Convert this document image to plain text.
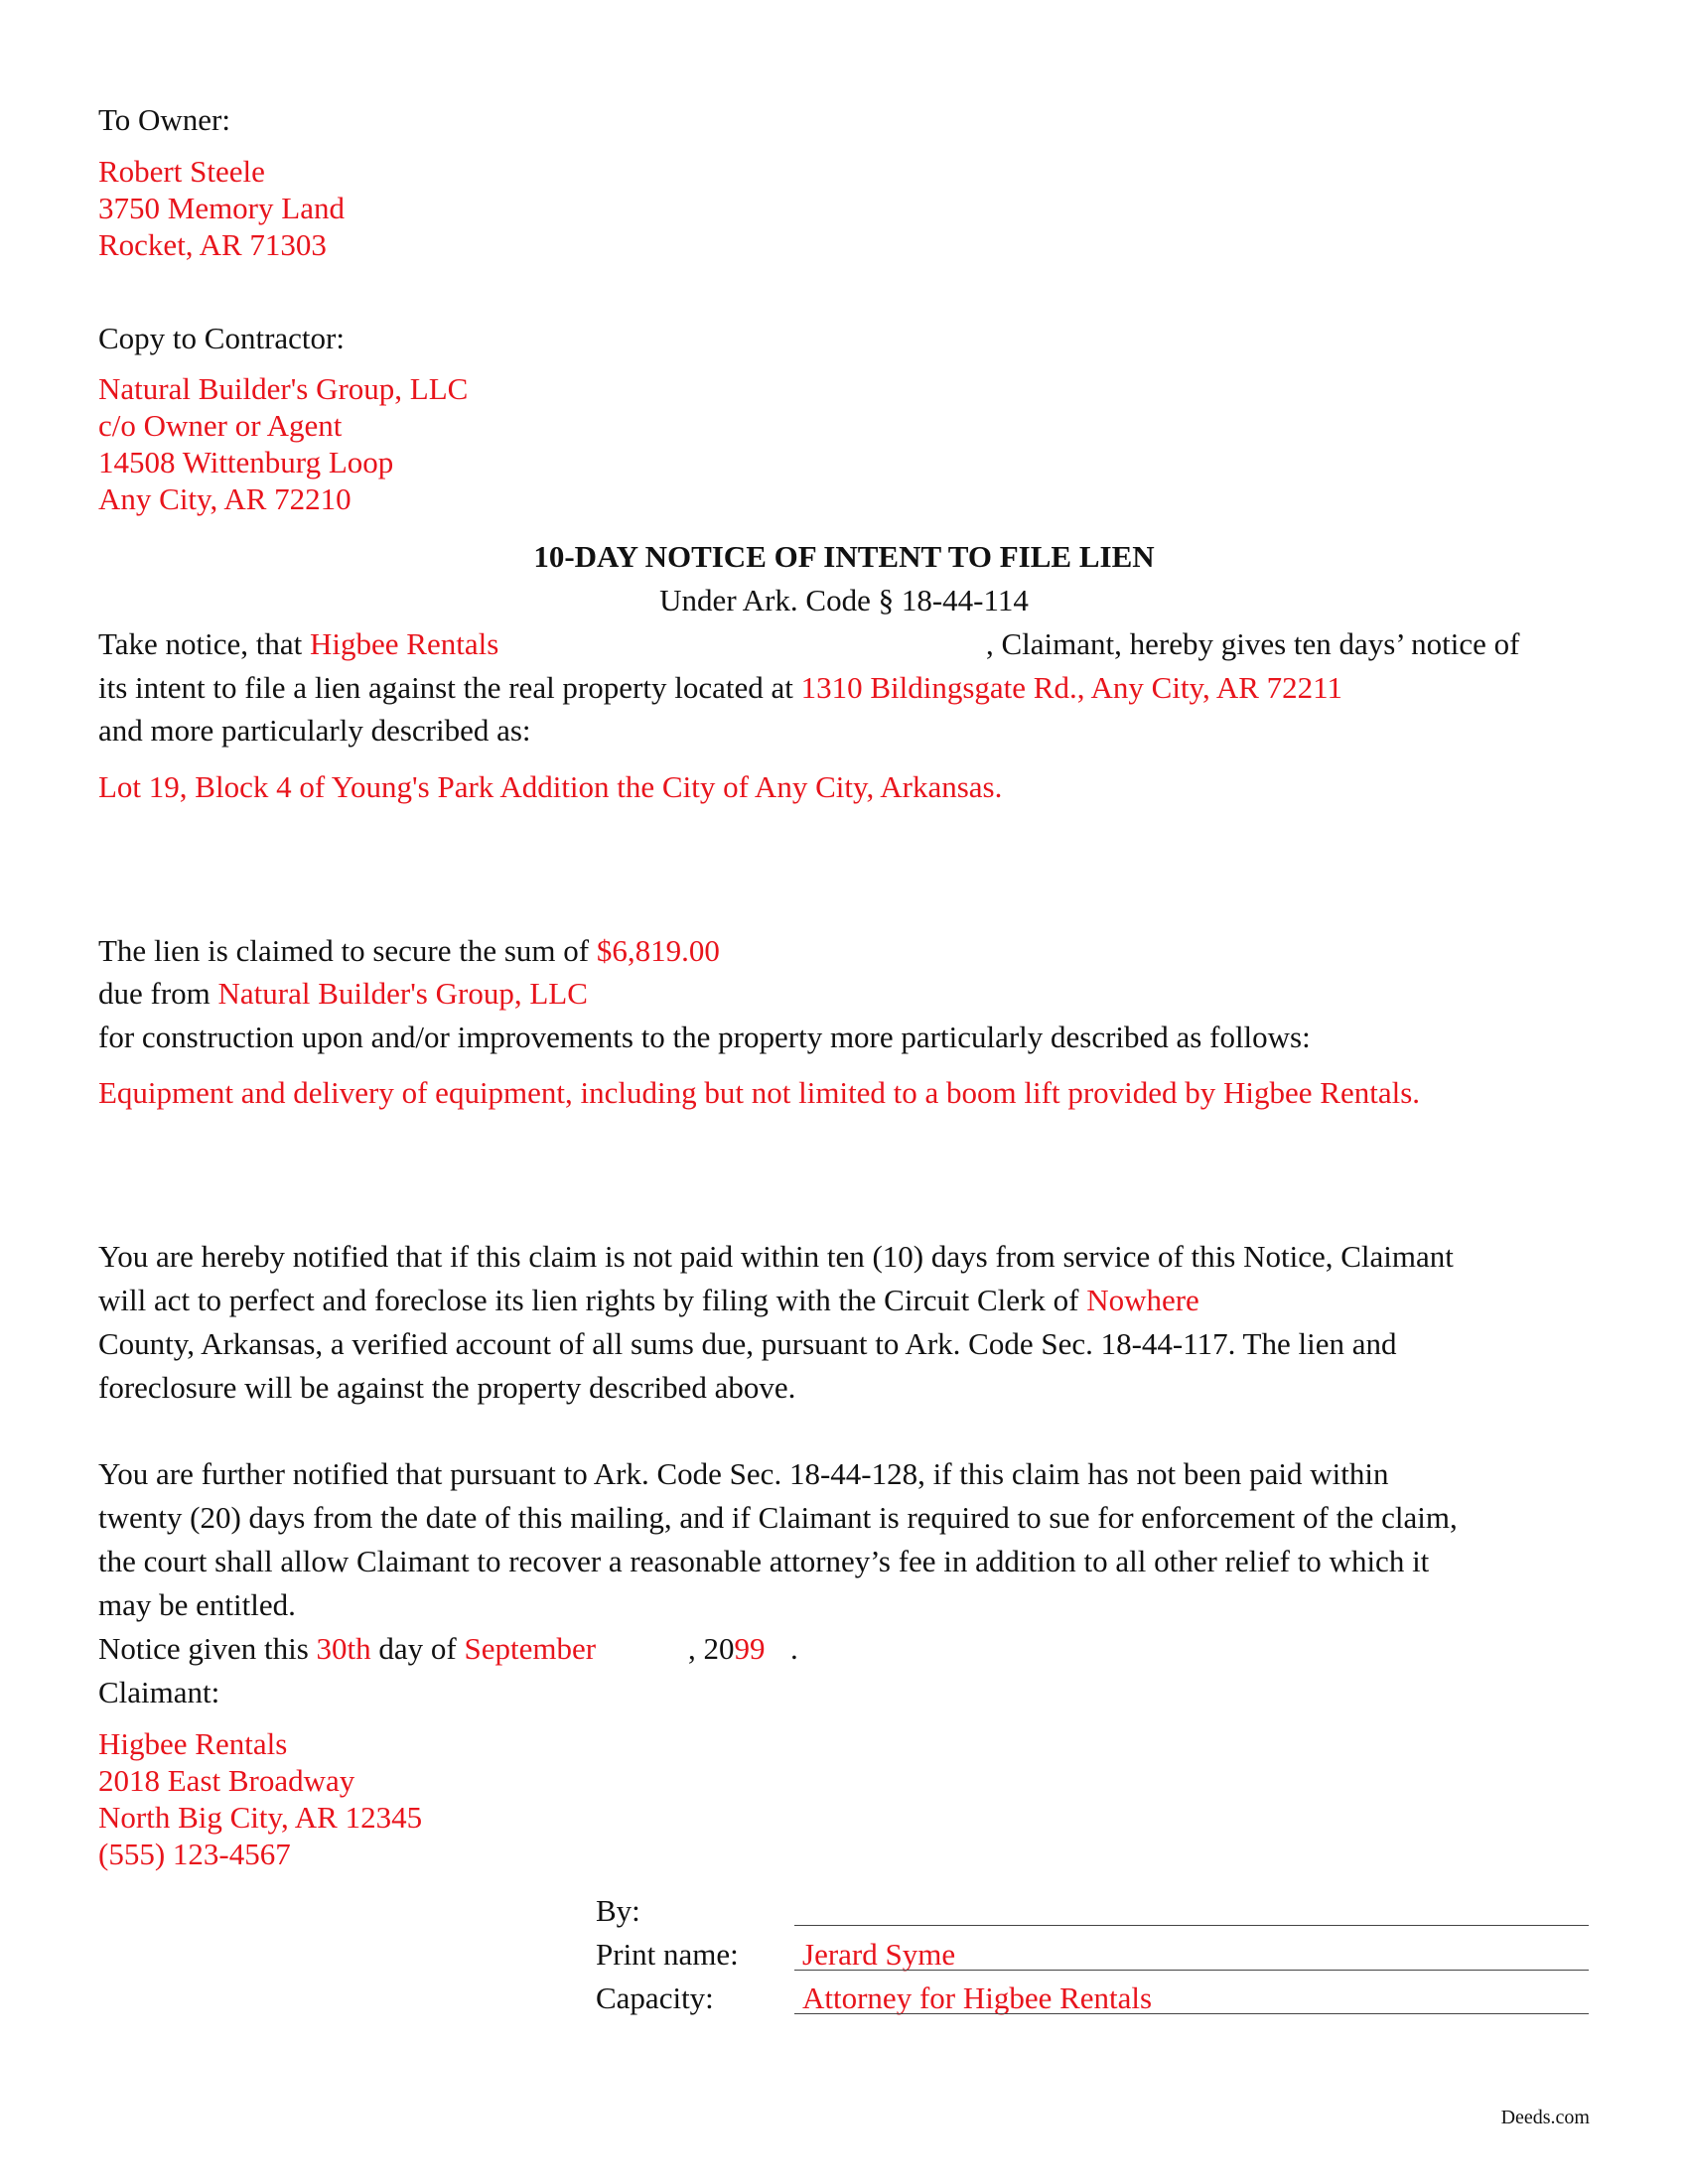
To Owner:
Robert Steele
3750 Memory Land
Rocket, AR 71303
Copy to Contractor:
Natural Builder's Group, LLC
c/o Owner or Agent
14508 Wittenburg Loop
Any City, AR 72210
10-DAY NOTICE OF INTENT TO FILE LIEN
Under Ark. Code § 18-44-114
Take notice, that Higbee Rentals	, Claimant, hereby gives ten days’ notice of
its intent to file a lien against the real property located at 1310 Bildingsgate Rd., Any City, AR 72211
and more particularly described as:
Lot 19, Block 4 of Young's Park Addition the City of Any City, Arkansas.
The lien is claimed to secure the sum of $6,819.00
due from Natural Builder's Group, LLC
for construction upon and/or improvements to the property more particularly described as follows:
Equipment and delivery of equipment, including but not limited to a boom lift provided by Higbee Rentals.
You are hereby notified that if this claim is not paid within ten (10) days from service of this Notice, Claimant
will act to perfect and foreclose its lien rights by filing with the Circuit Clerk of Nowhere
County, Arkansas, a verified account of all sums due, pursuant to Ark. Code Sec. 18-44-117. The lien and
foreclosure will be against the property described above.
You are further notified that pursuant to Ark. Code Sec. 18-44-128, if this claim has not been paid within
twenty (20) days from the date of this mailing, and if Claimant is required to sue for enforcement of the claim,
the court shall allow Claimant to recover a reasonable attorney’s fee in addition to all other relief to which it
may be entitled.
Notice given this 30th day of September	, 2099 .
Claimant:
Higbee Rentals
2018 East Broadway
North Big City, AR 12345
(555) 123-4567
By:
Print name: Jerard Syme
Capacity:	Attorney for Higbee Rentals
Deeds.com
